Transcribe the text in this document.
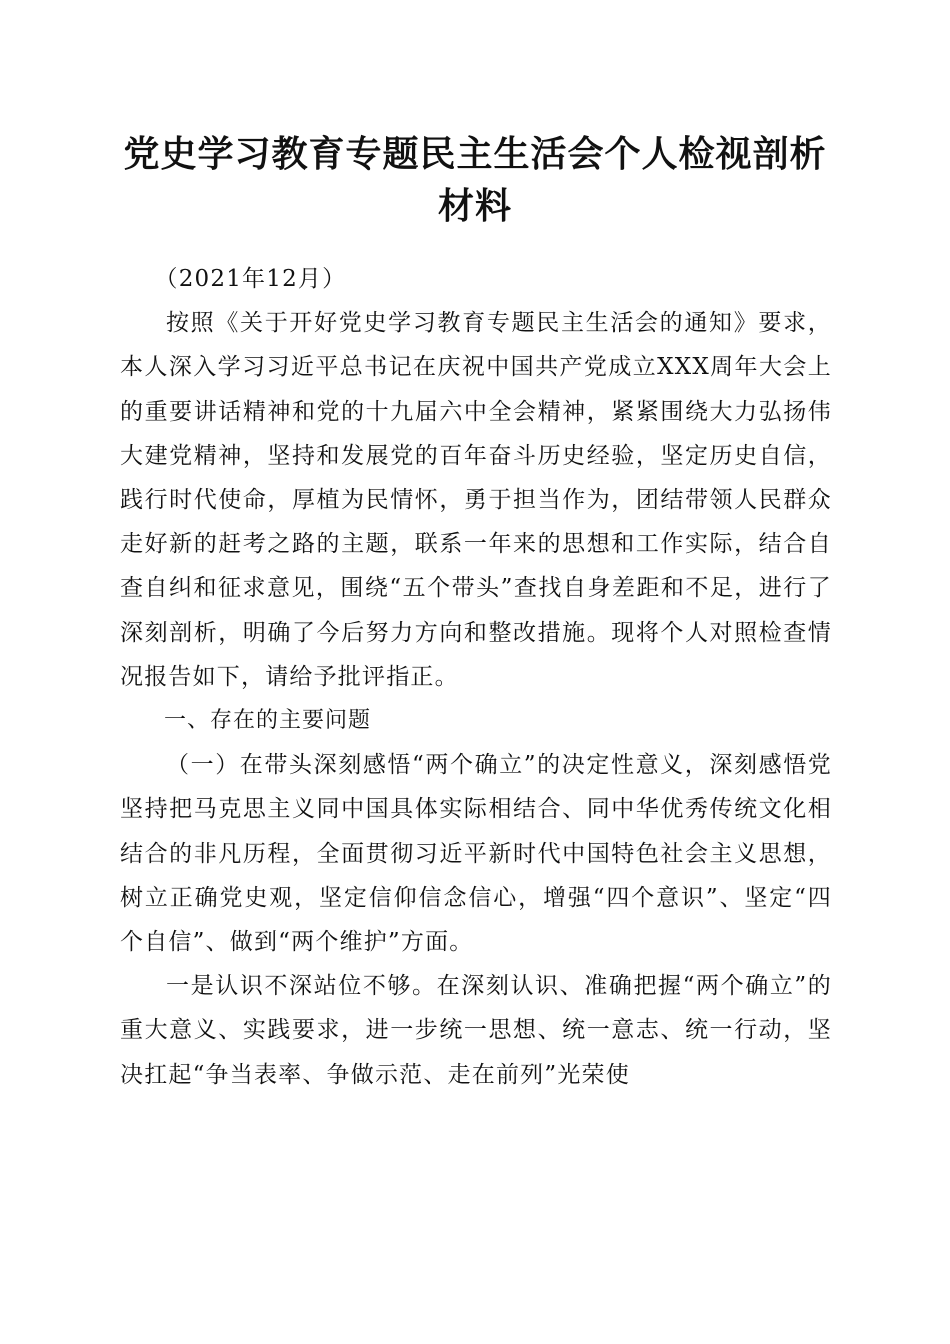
党史学习教育专题民主生活会个人检视剖析材料

（2021年12月）

按照《关于开好党史学习教育专题民主生活会的通知》要求，本人深入学习习近平总书记在庆祝中国共产党成立XXX周年大会上的重要讲话精神和党的十九届六中全会精神，紧紧围绕大力弘扬伟大建党精神，坚持和发展党的百年奋斗历史经验，坚定历史自信，践行时代使命，厚植为民情怀，勇于担当作为，团结带领人民群众走好新的赶考之路的主题，联系一年来的思想和工作实际，结合自查自纠和征求意见，围绕“五个带头”查找自身差距和不足，进行了深刻剖析，明确了今后努力方向和整改措施。现将个人对照检查情况报告如下，请给予批评指正。

一、存在的主要问题

（一）在带头深刻感悟“两个确立”的决定性意义，深刻感悟党坚持把马克思主义同中国具体实际相结合、同中华优秀传统文化相结合的非凡历程，全面贯彻习近平新时代中国特色社会主义思想，树立正确党史观，坚定信仰信念信心，增强“四个意识”、坚定“四个自信”、做到“两个维护”方面。

一是认识不深站位不够。在深刻认识、准确把握“两个确立”的重大意义、实践要求，进一步统一思想、统一意志、统一行动，坚决扛起“争当表率、争做示范、走在前列”光荣使
